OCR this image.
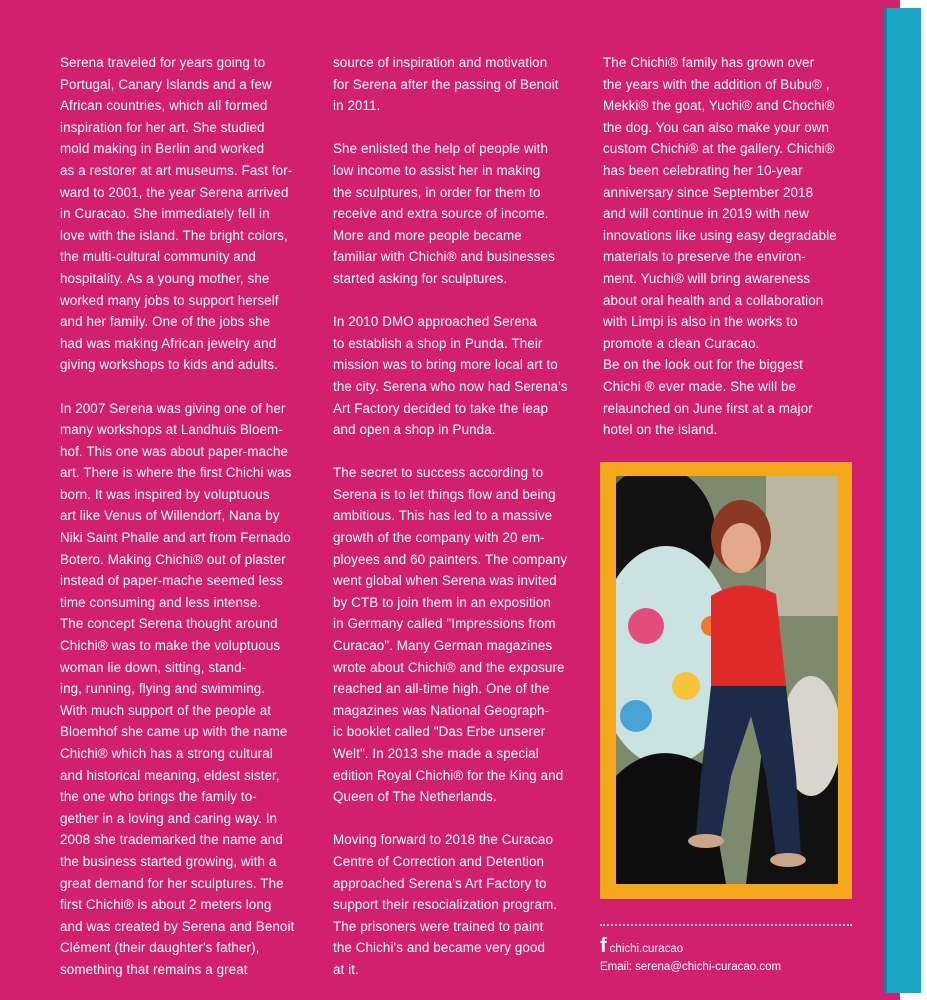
Serena traveled for years going to
Portugal, Canary Islands and a few
African countries, which all formed
inspiration for her art. She studied
mold making in Berlin and worked
as a restorer at art museums. Fast for-
ward to 2001, the year Serena arrived
in Curacao. She immediately fell in
love with the island. The bright colors,
the multi-cultural community and
hospitality. As a young mother, she
worked many jobs to support herself
and her family. One of the jobs she
had was making African jewelry and
giving workshops to kids and adults.

In 2007 Serena was giving one of her
many workshops at Landhuis Bloem-
hof. This one was about paper-mache
art. There is where the first Chichi was
born. It was inspired by voluptuous
art like Venus of Willendorf, Nana by
Niki Saint Phalle and art from Fernado
Botero. Making Chichi® out of plaster
instead of paper-mache seemed less
time consuming and less intense.
The concept Serena thought around
Chichi® was to make the voluptuous
woman lie down, sitting, stand-
ing, running, flying and swimming.
With much support of the people at
Bloemhof she came up with the name
Chichi® which has a strong cultural
and historical meaning, eldest sister,
the one who brings the family to-
gether in a loving and caring way. In
2008 she trademarked the name and
the business started growing, with a
great demand for her sculptures. The
first Chichi® is about 2 meters long
and was created by Serena and Benoit
Clément (their daughter's father),
something that remains a great

source of inspiration and motivation
for Serena after the passing of Benoit
in 2011.

She enlisted the help of people with
low income to assist her in making
the sculptures, in order for them to
receive and extra source of income.
More and more people became
familiar with Chichi® and businesses
started asking for sculptures.

In 2010 DMO approached Serena
to establish a shop in Punda. Their
mission was to bring more local art to
the city. Serena who now had Serena's
Art Factory decided to take the leap
and open a shop in Punda.

The secret to success according to
Serena is to let things flow and being
ambitious. This has led to a massive
growth of the company with 20 em-
ployees and 60 painters. The company
went global when Serena was invited
by CTB to join them in an exposition
in Germany called "Impressions from
Curacao". Many German magazines
wrote about Chichi® and the exposure
reached an all-time high. One of the
magazines was National Geograph-
ic booklet called "Das Erbe unserer
Welt". In 2013 she made a special
edition Royal Chichi® for the King and
Queen of The Netherlands.

Moving forward to 2018 the Curacao
Centre of Correction and Detention
approached Serena's Art Factory to
support their resocialization program.
The prisoners were trained to paint
the Chichi's and became very good
at it.

The Chichi® family has grown over
the years with the addition of Bubu® ,
Mekki® the goat, Yuchi® and Chochi®
the dog. You can also make your own
custom Chichi® at the gallery. Chichi®
has been celebrating her 10-year
anniversary since September 2018
and will continue in 2019 with new
innovations like using easy degradable
materials to preserve the environ-
ment. Yuchi® will bring awareness
about oral health and a collaboration
with Limpi is also in the works to
promote a clean Curacao.
Be on the look out for the biggest
Chichi ® ever made. She will be
relaunched on June first at a major
hotel on the island.

f chichi.curacao
Email: serena@chichi-curacao.com
